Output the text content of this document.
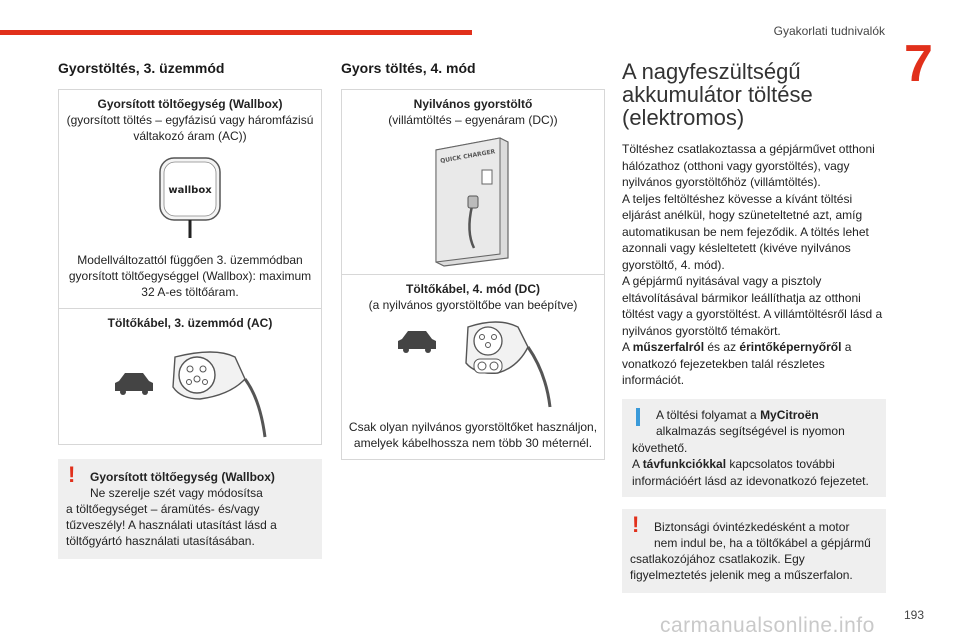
Gyakorlati tudnivalók
7
Gyorstöltés, 3. üzemmód
Gyorsított töltőegység (Wallbox)
(gyorsított töltés – egyfázisú vagy háromfázisú váltakozó áram (AC))
wallbox
Modellváltozattól függően 3. üzemmódban gyorsított töltőegységgel (Wallbox): maximum 32 A-es töltőáram.
Töltőkábel, 3. üzemmód (AC)
!	Gyorsított töltőegység (Wallbox)
Ne szerelje szét vagy módosítsa
a töltőegységet – áramütés- és/vagy tűzveszély! A használati utasítást lásd a töltőgyártó használati utasításában.
Gyors töltés, 4. mód
Nyilvános gyorstöltő
(villámtöltés – egyenáram (DC))
QUICK CHARGER
Töltőkábel, 4. mód (DC)
(a nyilvános gyorstöltőbe van beépítve)
Csak olyan nyilvános gyorstöltőket használjon, amelyek kábelhossza nem több 30 méternél.
A nagyfeszültségű
akkumulátor töltése
(elektromos)
Töltéshez csatlakoztassa a gépjárművet otthoni hálózathoz (otthoni vagy gyorstöltés), vagy nyilvános gyorstöltőhöz (villámtöltés).
A teljes feltöltéshez kövesse a kívánt töltési eljárást anélkül, hogy szüneteltetné azt, amíg automatikusan be nem fejeződik. A töltés lehet azonnali vagy késleltetett (kivéve nyilvános gyorstöltő, 4. mód).
A gépjármű nyitásával vagy a pisztoly eltávolításával bármikor leállíthatja az otthoni töltést vagy a gyorstöltést. A villámtöltésről lásd a nyilvános gyorstöltő témakört.
A műszerfalról és az érintőképernyőről a vonatkozó fejezetekben talál részletes információt.
A töltési folyamat a MyCitroën
alkalmazás segítségével is nyomon
követhető.
A távfunkciókkal kapcsolatos további információért lásd az idevonatkozó fejezetet.
!	Biztonsági óvintézkedésként a motor
nem indul be, ha a töltőkábel a gépjármű
csatlakozójához csatlakozik. Egy figyelmeztetés jelenik meg a műszerfalon.
carmanualsonline.info 193
